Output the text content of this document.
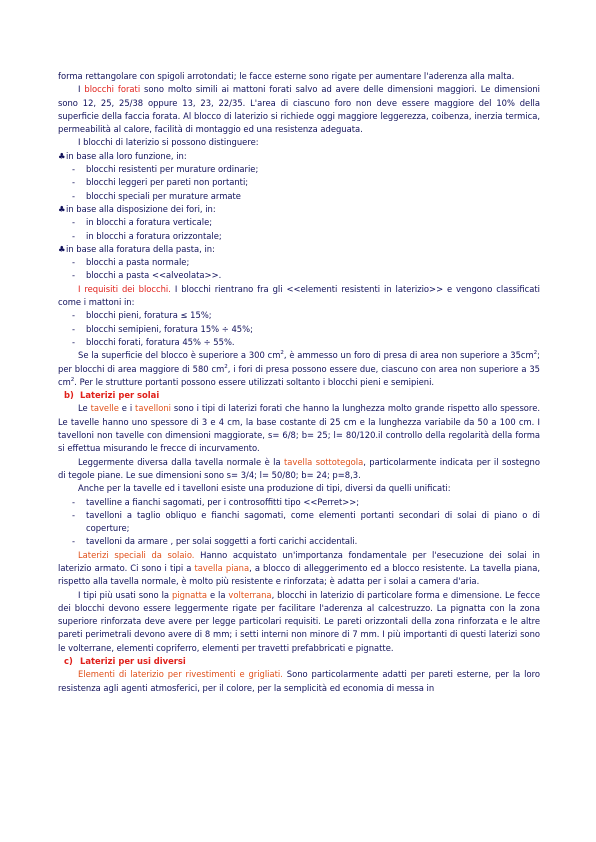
forma rettangolare con spigoli arrotondati; le facce esterne sono rigate per aumentare l'aderenza alla malta.

I blocchi forati sono molto simili ai mattoni forati salvo ad avere delle dimensioni maggiori. Le dimensioni sono 12, 25, 25/38 oppure 13, 23, 22/35. L'area di ciascuno foro non deve essere maggiore del 10% della superficie della faccia forata. Al blocco di laterizio si richiede oggi maggiore leggerezza, coibenza, inerzia termica, permeabilità al calore, facilità di montaggio ed una resistenza adeguata.

I blocchi di laterizio si possono distinguere:

♣in base alla loro funzione, in:

- blocchi resistenti per murature ordinarie;

- blocchi leggeri per pareti non portanti;

- blocchi speciali per murature armate

♣in base alla disposizione dei fori, in:

- in blocchi a foratura verticale;

- in blocchi a foratura orizzontale;

♣in base alla foratura della pasta, in:

- blocchi a pasta normale;

- blocchi a pasta <<alveolata>>.

I requisiti dei blocchi. I blocchi rientrano fra gli <<elementi resistenti in laterizio>> e vengono classificati come i mattoni in:

- blocchi pieni, foratura ≤ 15%;

- blocchi semipieni, foratura 15% ÷ 45%;

- blocchi forati, foratura 45% ÷ 55%.

Se la superficie del blocco è superiore a 300 $cm^2$, è ammesso un foro di presa di area non superiore a $35cm^2$; per blocchi di area maggiore di 580 $cm^2$, i fori di presa possono essere due, ciascuno con area non superiore a 35 $cm^2$. Per le strutture portanti possono essere utilizzati soltanto i blocchi pieni e semipieni.

b) Laterizi per solai

Le tavelle e i tavelloni sono i tipi di laterizi forati che hanno la lunghezza molto grande rispetto allo spessore. Le tavelle hanno uno spessore di 3 e 4 cm, la base costante di 25 cm e la lunghezza variabile da 50 a 100 cm. I tavelloni non tavelle con dimensioni maggiorate, s= 6/8; b= 25; l= 80/120.il controllo della regolarità della forma si effettua misurando le frecce di incurvamento.

Leggermente diversa dalla tavella normale è la tavella sottotegola, particolarmente indicata per il sostegno di tegole piane. Le sue dimensioni sono s= 3/4; l= 50/80; b= 24; p=8,3.

Anche per la tavelle ed i tavelloni esiste una produzione di tipi, diversi da quelli unificati:

- tavelline a fianchi sagomati, per i controsoffitti tipo <<Perret>>;

- tavelloni a taglio obliquo e fianchi sagomati, come elementi portanti secondari di solai di piano o di coperture;

- tavelloni da armare , per solai soggetti a forti carichi accidentali.

Laterizi speciali da solaio. Hanno acquistato un'importanza fondamentale per l'esecuzione dei solai in laterizio armato. Ci sono i tipi a tavella piana, a blocco di alleggerimento ed a blocco resistente. La tavella piana, rispetto alla tavella normale, è molto più resistente e rinforzata; è adatta per i solai a camera d'aria.

I tipi più usati sono la pignatta e la volterrana, blocchi in laterizio di particolare forma e dimensione. Le fecce dei blocchi devono essere leggermente rigate per facilitare l'aderenza al calcestruzzo. La pignatta con la zona superiore rinforzata deve avere per legge particolari requisiti. Le pareti orizzontali della zona rinforzata e le altre pareti perimetrali devono avere di 8 mm; i setti interni non minore di 7 mm. I più importanti di questi laterizi sono le volterrane, elementi copriferro, elementi per travetti prefabbricati e pignatte.

c) Laterizi per usi diversi

Elementi di laterizio per rivestimenti e grigliati. Sono particolarmente adatti per pareti esterne, per la loro resistenza agli agenti atmosferici, per il colore, per la semplicità ed economia di messa in
